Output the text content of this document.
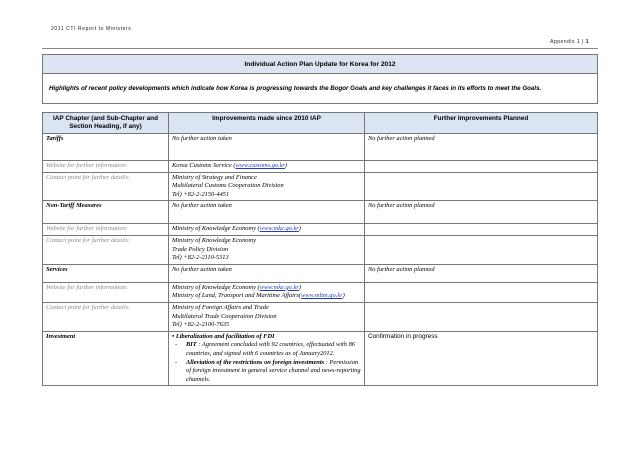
2011 CTI Report to Ministers
Appendix 1 | 1
Individual Action Plan Update for Korea for 2012
Highlights of recent policy developments which indicate how Korea is progressing towards the Bogor Goals and key challenges it faces in its efforts to meet the Goals.
IAP Chapter (and Sub-Chapter and Section Heading, if any)	Improvements made since 2010 IAP	Further Improvements Planned
Tariffs	No further action taken	No further action planned
Website for further information:	Korea Customs Service (www.customs.go.kr)	
Contact point for further details:	Ministry of Strategy and Finance
Multilateral Customs Cooperation Division
Tel) +82-2-2150-4451	

Non-Tariff Measures	No further action taken	No further action planned
Website for further information:	Ministry of Knowledge Economy (www.mke.go.kr)	
Contact point for further details:	Ministry of Knowledge Economy
Trade Policy Division
Tel) +82-2-2110-5313	

Services	No further action taken	No further action planned
Website for further information:	Ministry of Knowledge Economy (www.mke.go.kr)
Ministry of Land, Transport and Maritime Affairs(www.mltm.go.kr)	

Contact point for further details:	Ministry of Foreign Affairs and Trade
Multilateral Trade Cooperation Division
Tel) +82-2-2100-7635	

Investment	• Liberalization and facilitation of FDI
- BIT : Agreement concluded with 92 countries, effectuated with 86 countries, and signed with 6 countries as of January2012.
- Alleviation of the restrictions on foreign investments : Permission of foreign investment in general service channel and news-reporting channels.	Confirmation in progress
